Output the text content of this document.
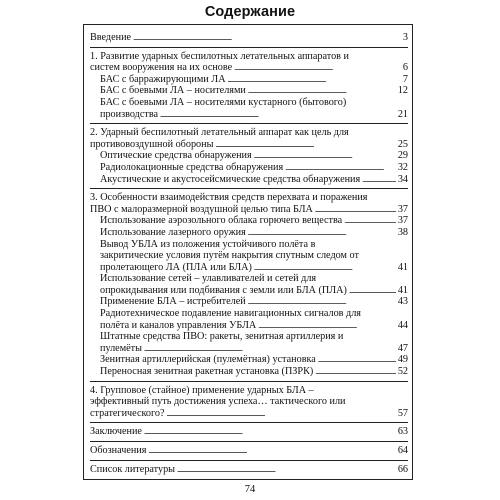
Содержание
Введение . . .	3
1. Развитие ударных беспилотных летательных аппаратов и
систем вооружения на их основе . . .	6
БАС с барражирующими ЛА . . .	7
БАС с боевыми ЛА – носителями . . .	12
БАС с боевыми ЛА – носителями кустарного (бытового)
производства . . .	21
2. Ударный беспилотный летательный аппарат как цель для
противовоздушной обороны . . .	25
Оптические средства обнаружения . . .	29
Радиолокационные средства обнаружения . . .	32
Акустические и акустосейсмические средства обнаружения . . .	34
3. Особенности взаимодействия средств перехвата и поражения
ПВО с малоразмерной воздушной целью типа БЛА . . .	37
Использование аэрозольного облака горючего вещества . . .	37
Использование лазерного оружия . . .	38
Вывод УБЛА из положения устойчивого полёта в
закритические условия путём накрытия спутным следом от
пролетающего ЛА (ПЛА или БЛА) . . .	41
Использование сетей – улавливателей и сетей для
опрокидывания или подбивания с земли или БЛА (ПЛА) . . .	41
Применение БЛА – истребителей . . .	43
Радиотехническое подавление навигационных сигналов для
полёта и каналов управления УБЛА . . .	44
Штатные средства ПВО: ракеты, зенитная артиллерия и
пулемёты . . .	47
Зенитная артиллерийская (пулемётная) установка . . .	49
Переносная зенитная ракетная установка (ПЗРК) . . .	52
4. Групповое (стайное) применение ударных БЛА –
эффективный путь достижения успеха… тактического или
стратегического? . . .	57
Заключение . . .	63
Обозначения . . .	64
Список литературы . . .	66
74
